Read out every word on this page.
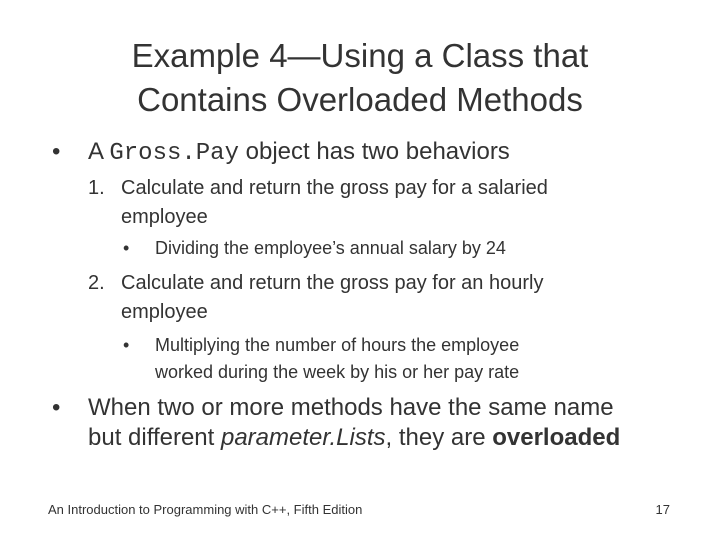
Example 4—Using a Class that
Contains Overloaded Methods
• A Gross.Pay object has two behaviors
1. Calculate and return the gross pay for a salaried
employee
• Dividing the employee’s annual salary by 24
2. Calculate and return the gross pay for an hourly
employee
• Multiplying the number of hours the employee
worked during the week by his or her pay rate
• When two or more methods have the same name
but different parameter.Lists, they are overloaded
An Introduction to Programming with C++, Fifth Edition	17
